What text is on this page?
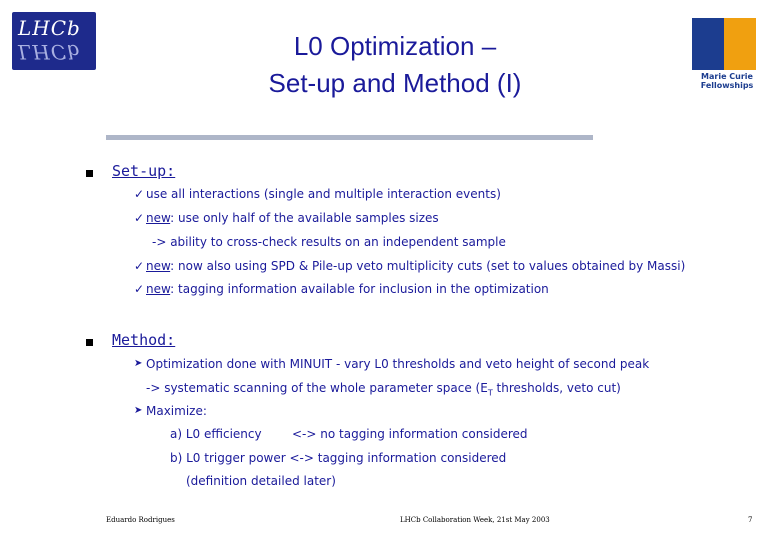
LHCb
LHCb
Marie Curie Fellowships
L0 Optimization –
Set-up and Method (I)
Set-up:
✓ use all interactions (single and multiple interaction events)
✓ new: use only half of the available samples sizes
-> ability to cross-check results on an independent sample
✓ new: now also using SPD & Pile-up veto multiplicity cuts (set to values obtained by Massi)
✓ new: tagging information available for inclusion in the optimization
Method:
➤ Optimization done with MINUIT - vary L0 thresholds and veto height of second peak
-> systematic scanning of the whole parameter space ($E_T$ thresholds, veto cut)
➤ Maximize:
a) L0 efficiency	<-> no tagging information considered
b) L0 trigger power <-> tagging information considered
(definition detailed later)
Eduardo Rodrigues	LHCb Collaboration Week, 21st May 2003	7
